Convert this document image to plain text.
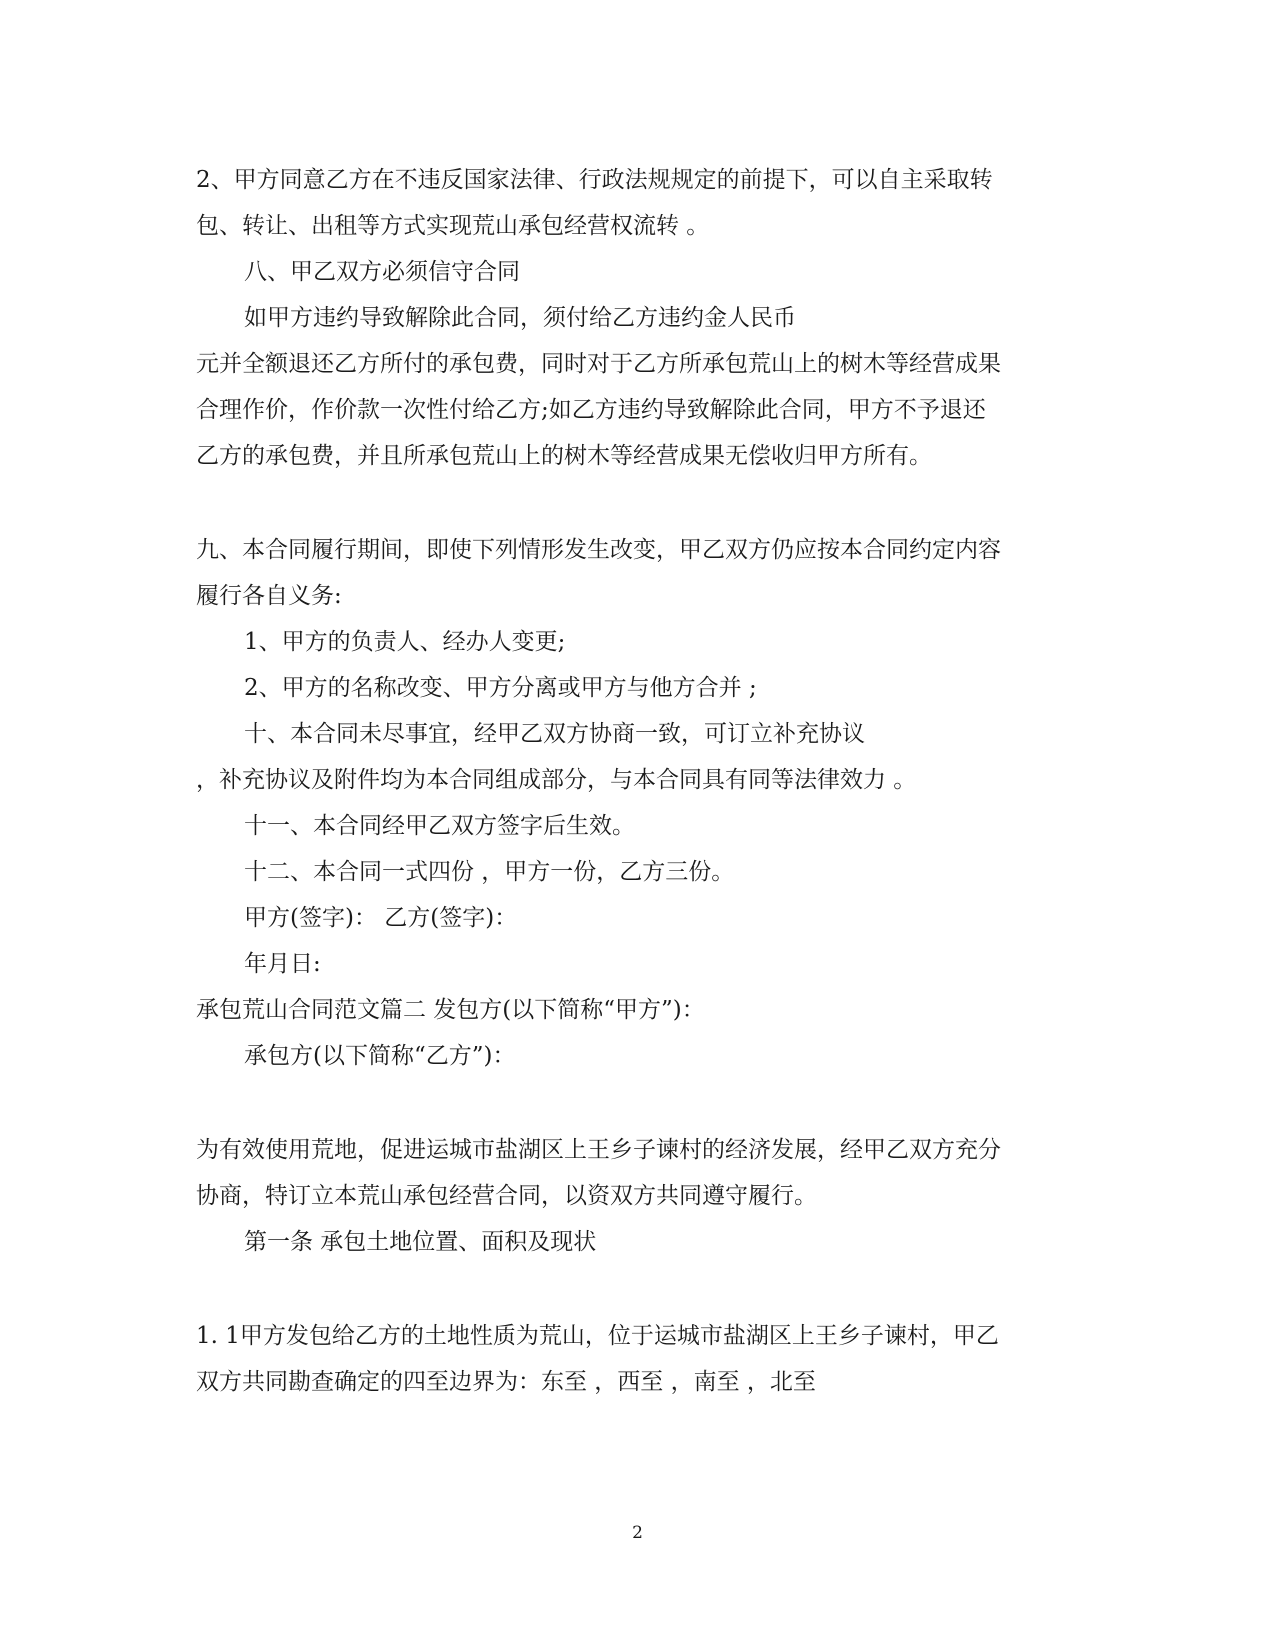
2、甲方同意乙方在不违反国家法律、行政法规规定的前提下，可以自主采取转
包、转让、出租等方式实现荒山承包经营权流转 。
八、甲乙双方必须信守合同
如甲方违约导致解除此合同，须付给乙方违约金人民币
元并全额退还乙方所付的承包费，同时对于乙方所承包荒山上的树木等经营成果
合理作价，作价款一次性付给乙方;如乙方违约导致解除此合同，甲方不予退还
乙方的承包费，并且所承包荒山上的树木等经营成果无偿收归甲方所有。
九、本合同履行期间，即使下列情形发生改变，甲乙双方仍应按本合同约定内容
履行各自义务:
1、甲方的负责人、经办人变更;
2、甲方的名称改变、甲方分离或甲方与他方合并 ;
十、本合同未尽事宜，经甲乙双方协商一致，可订立补充协议
，补充协议及附件均为本合同组成部分，与本合同具有同等法律效力 。
十一、本合同经甲乙双方签字后生效。
十二、本合同一式四份 ，甲方一份，乙方三份。
甲方(签字)： 乙方(签字)：
年月日:
承包荒山合同范文篇二 发包方(以下简称“甲方”)：
承包方(以下简称“乙方”)：
为有效使用荒地，促进运城市盐湖区上王乡子谏村的经济发展，经甲乙双方充分
协商，特订立本荒山承包经营合同，以资双方共同遵守履行。
第一条 承包土地位置、面积及现状
1. 1甲方发包给乙方的土地性质为荒山，位于运城市盐湖区上王乡子谏村，甲乙
双方共同勘查确定的四至边界为：东至 ，西至 ，南至 ，北至
2
